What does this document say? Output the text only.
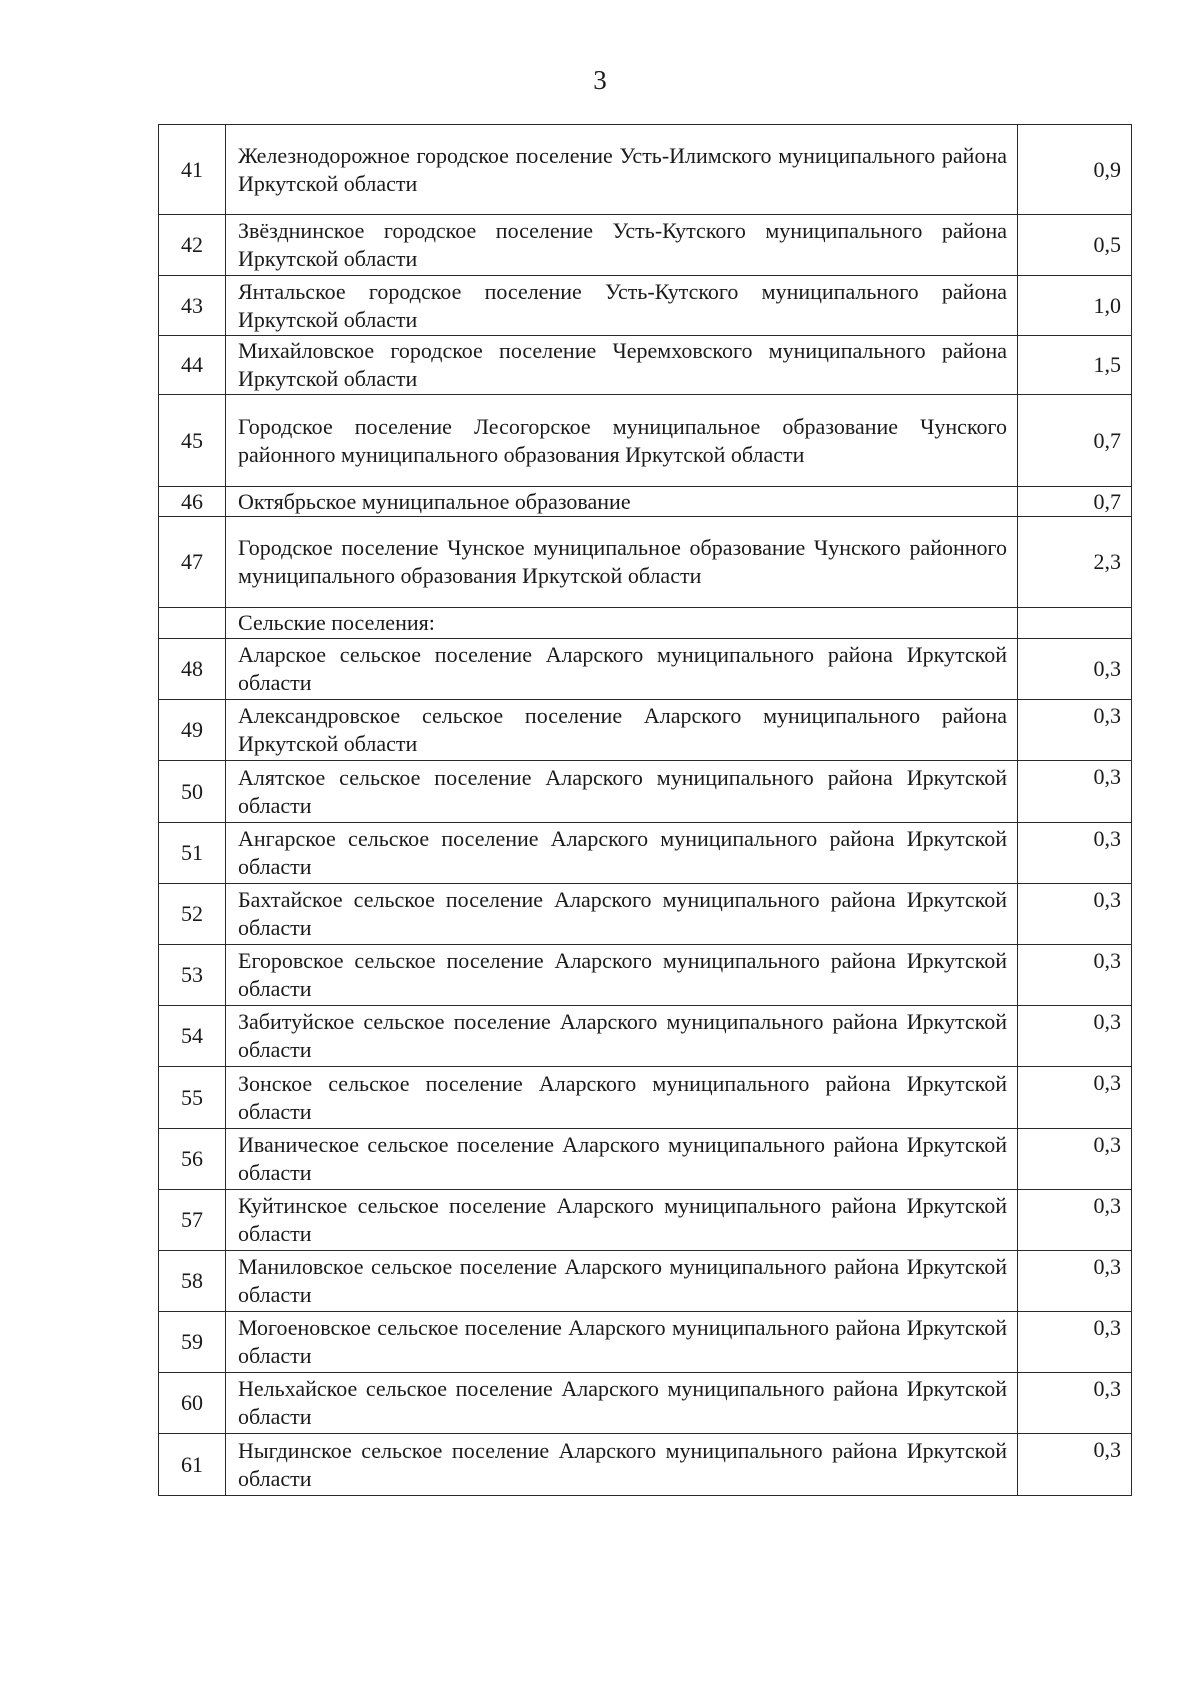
3
41	Железнодорожное городское поселение Усть-Илимского муниципального района Иркутской области	0,9
42	Звёзднинское городское поселение Усть-Кутского муниципального района Иркутской области	0,5
43	Янтальское городское поселение Усть-Кутского муниципального района Иркутской области	1,0
44	Михайловское городское поселение Черемховского муниципального района Иркутской области	1,5
45	Городское поселение Лесогорское муниципальное образование Чунского районного муниципального образования Иркутской области	0,7
46	Октябрьское муниципальное образование	0,7
47	Городское поселение Чунское муниципальное образование Чунского районного муниципального образования Иркутской области	2,3
	Сельские поселения:	
48	Аларское сельское поселение Аларского муниципального района Иркутской области	0,3
49	Александровское сельское поселение Аларского муниципального района Иркутской области	0,3
50	Алятское сельское поселение Аларского муниципального района Иркутской области	0,3
51	Ангарское сельское поселение Аларского муниципального района Иркутской области	0,3
52	Бахтайское сельское поселение Аларского муниципального района Иркутской области	0,3
53	Егоровское сельское поселение Аларского муниципального района Иркутской области	0,3
54	Забитуйское сельское поселение Аларского муниципального района Иркутской области	0,3
55	Зонское сельское поселение Аларского муниципального района Иркутской области	0,3
56	Иваническое сельское поселение Аларского муниципального района Иркутской области	0,3
57	Куйтинское сельское поселение Аларского муниципального района Иркутской области	0,3
58	Маниловское сельское поселение Аларского муниципального района Иркутской области	0,3
59	Могоеновское сельское поселение Аларского муниципального района Иркутской области	0,3
60	Нельхайское сельское поселение Аларского муниципального района Иркутской области	0,3
61	Ныгдинское сельское поселение Аларского муниципального района Иркутской области	0,3
